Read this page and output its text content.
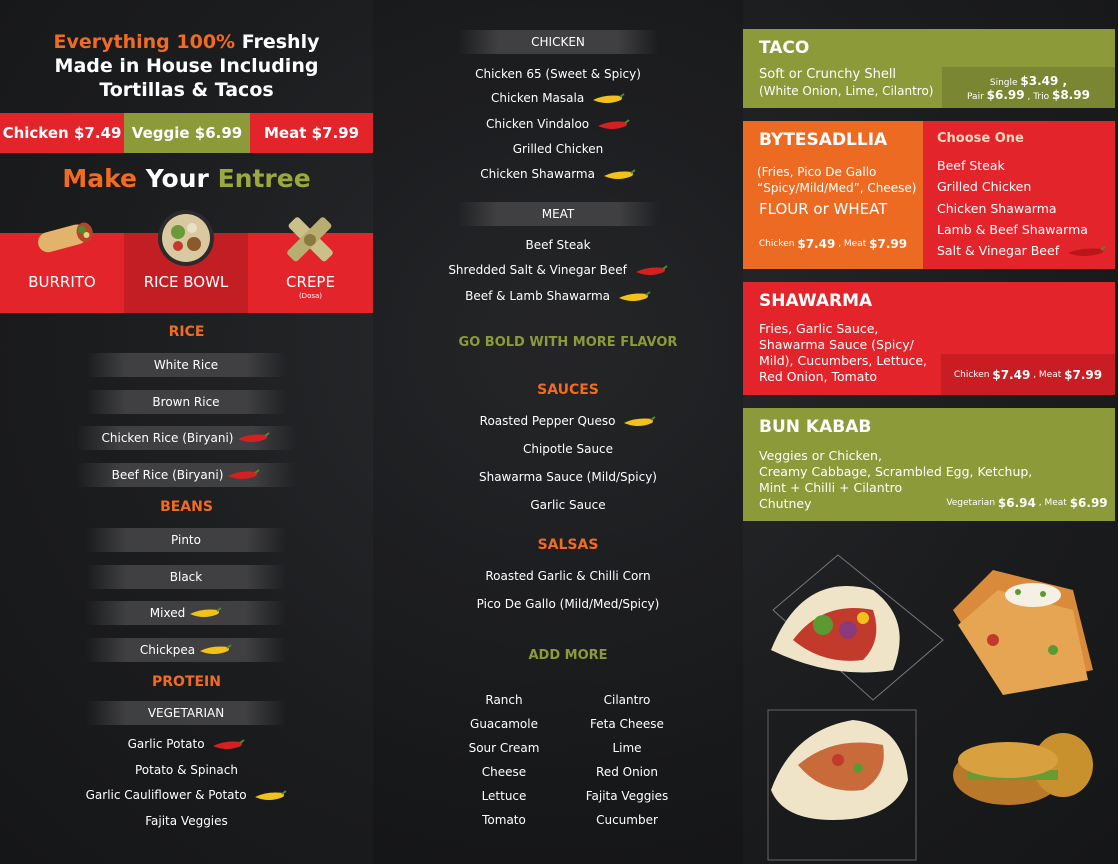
Everything 100% Freshly
Made in House Including
Tortillas & Tacos
Chicken $7.49 Veggie $6.99	Meat $7.99
Make Your Entree
BURRITO	RICE BOWL	CREPE
(Dosa)
RICE
White Rice
Brown Rice
Chicken Rice (Biryani)
Beef Rice (Biryani)
BEANS
Pinto
Black
Mixed
Chickpea
PROTEIN
VEGETARIAN
Garlic Potato
Potato & Spinach
Garlic Cauliflower & Potato
Fajita Veggies
CHICKEN
Chicken 65 (Sweet & Spicy)
Chicken Masala
Chicken Vindaloo
Grilled Chicken
Chicken Shawarma
MEAT
Beef Steak
Shredded Salt & Vinegar Beef
Beef & Lamb Shawarma
GO BOLD WITH MORE FLAVOR
SAUCES
Roasted Pepper Queso
Chipotle Sauce
Shawarma Sauce (Mild/Spicy)
Garlic Sauce
SALSAS
Roasted Garlic & Chilli Corn
Pico De Gallo (Mild/Med/Spicy)
ADD MORE
Ranch
Guacamole
Sour Cream
Cheese
Lettuce
Tomato
Cilantro
Feta Cheese
Lime
Red Onion
Fajita Veggies
Cucumber
TACO
Soft or Crunchy Shell
(White Onion, Lime, Cilantro)
Single $3.49 ,
Pair $6.99 , Trio $8.99
BYTESADLLIA
(Fries, Pico De Gallo
“Spicy/Mild/Med”, Cheese)
FLOUR or WHEAT
Chicken
$7.49
, Meat
$7.99
Choose One
Beef Steak
Grilled Chicken
Chicken Shawarma
Lamb & Beef Shawarma
Salt & Vinegar Beef
SHAWARMA
Fries, Garlic Sauce,
Shawarma Sauce (Spicy/
Mild), Cucumbers, Lettuce,
Red Onion, Tomato	Chicken
$7.49
, Meat
$7.99
BUN KABAB
Veggies or Chicken,
Creamy Cabbage, Scrambled Egg, Ketchup,
Mint + Chilli + Cilantro
Chutney	Vegetarian
$6.94
, Meat
$6.99
